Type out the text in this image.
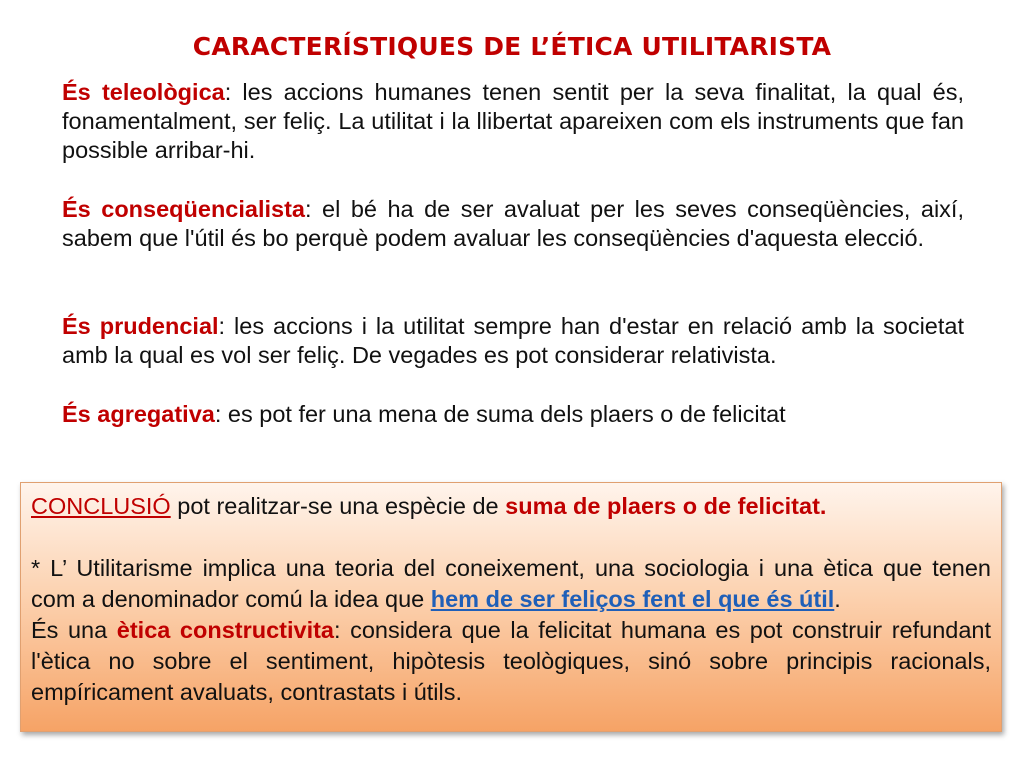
CARACTERÍSTIQUES DE L’ÉTICA UTILITARISTA

És teleològica: les accions humanes tenen sentit per la seva finalitat, la qual és, fonamentalment, ser feliç. La utilitat i la llibertat apareixen com els instruments que fan possible arribar-hi.

És conseqüencialista: el bé ha de ser avaluat per les seves conseqüències, així, sabem que l'útil és bo perquè podem avaluar les conseqüències d'aquesta elecció.

És prudencial: les accions i la utilitat sempre han d'estar en relació amb la societat amb la qual es vol ser feliç. De vegades es pot considerar relativista.

És agregativa: es pot fer una mena de suma dels plaers o de felicitat

CONCLUSIÓ pot realitzar-se una espècie de suma de plaers o de felicitat.

* L’ Utilitarisme implica una teoria del coneixement, una sociologia i una ètica que tenen com a denominador comú la idea que hem de ser feliços fent el que és útil.

És una ètica constructivita: considera que la felicitat humana es pot construir refundant l'ètica no sobre el sentiment, hipòtesis teològiques, sinó sobre principis racionals, empíricament avaluats, contrastats i útils.
